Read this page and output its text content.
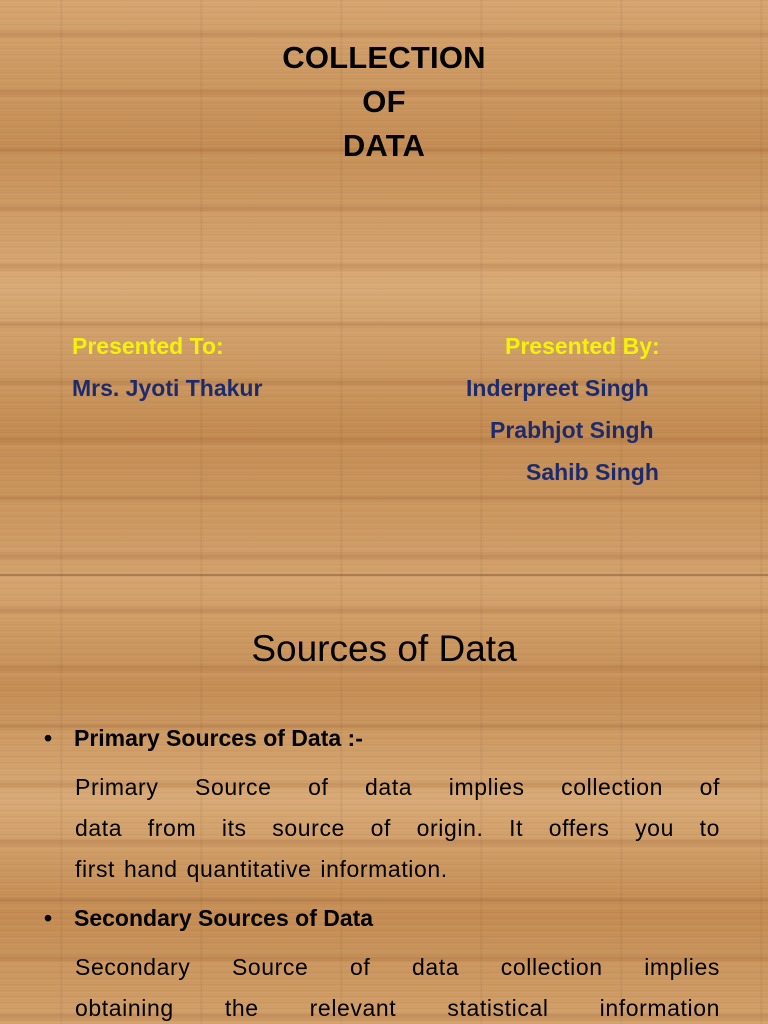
COLLECTION
OF
DATA
Presented To:
Mrs. Jyoti Thakur
Presented By:
Inderpreet Singh
Prabhjot Singh
Sahib Singh
Sources of Data
• Primary Sources of Data :-
Primary Source of data implies collection of
data from its source of origin. It offers you to
first hand quantitative information.
• Secondary Sources of Data
Secondary Source of data collection implies
obtaining the relevant statistical information
